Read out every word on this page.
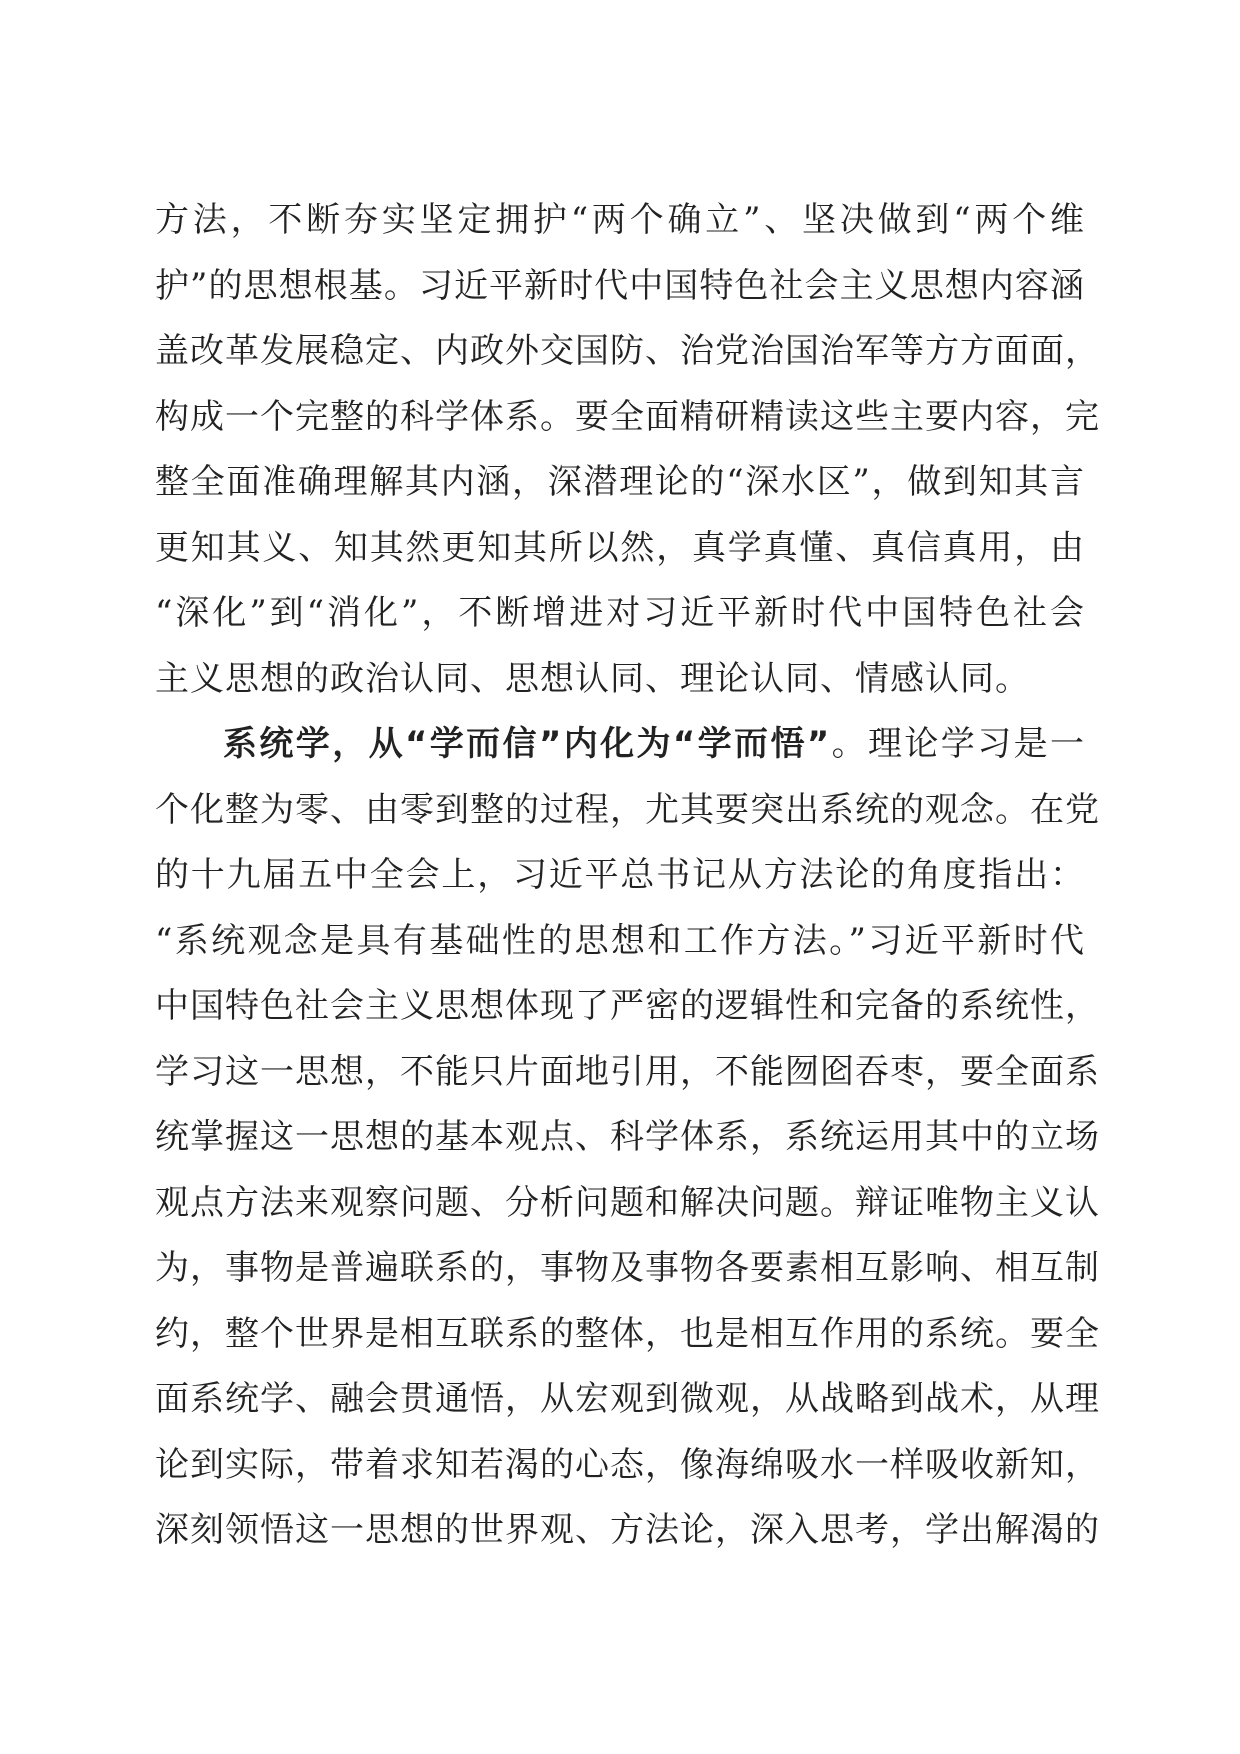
方法，不断夯实坚定拥护“两个确立”、坚决做到“两个维
护”的思想根基。习近平新时代中国特色社会主义思想内容涵
盖改革发展稳定、内政外交国防、治党治国治军等方方面面，
构成一个完整的科学体系。要全面精研精读这些主要内容，完
整全面准确理解其内涵，深潜理论的“深水区”，做到知其言
更知其义、知其然更知其所以然，真学真懂、真信真用，由
“深化”到“消化”，不断增进对习近平新时代中国特色社会
主义思想的政治认同、思想认同、理论认同、情感认同。
系统学，从“学而信”内化为“学而悟”。理论学习是一
个化整为零、由零到整的过程，尤其要突出系统的观念。在党
的十九届五中全会上，习近平总书记从方法论的角度指出：
“系统观念是具有基础性的思想和工作方法。”习近平新时代
中国特色社会主义思想体现了严密的逻辑性和完备的系统性，
学习这一思想，不能只片面地引用，不能囫囵吞枣，要全面系
统掌握这一思想的基本观点、科学体系，系统运用其中的立场
观点方法来观察问题、分析问题和解决问题。辩证唯物主义认
为，事物是普遍联系的，事物及事物各要素相互影响、相互制
约，整个世界是相互联系的整体，也是相互作用的系统。要全
面系统学、融会贯通悟，从宏观到微观，从战略到战术，从理
论到实际，带着求知若渴的心态，像海绵吸水一样吸收新知，
深刻领悟这一思想的世界观、方法论，深入思考，学出解渴的
